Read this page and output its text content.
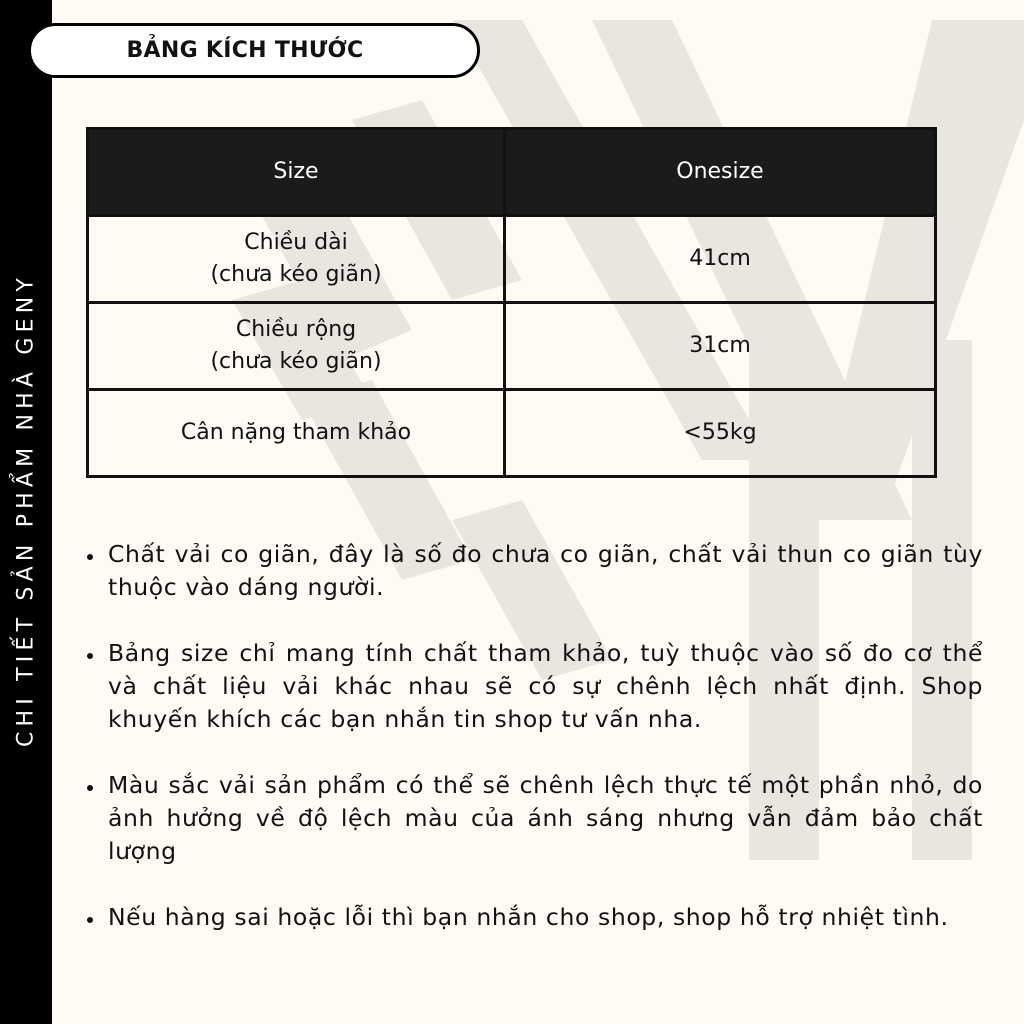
CHI TIẾT SẢN PHẨM NHÀ GENY
BẢNG KÍCH THƯỚC
Size	Onesize

Chiều dài
(chưa kéo giãn)	41cm

Chiều rộng
(chưa kéo giãn)	31cm

Cân nặng tham khảo	<55kg
Chất vải co giãn, đây là số đo chưa co giãn, chất vải thun co giãn tùy thuộc vào dáng người.
Bảng size chỉ mang tính chất tham khảo, tuỳ thuộc vào số đo cơ thể và chất liệu vải khác nhau sẽ có sự chênh lệch nhất định. Shop khuyến khích các bạn nhắn tin shop tư vấn nha.
Màu sắc vải sản phẩm có thể sẽ chênh lệch thực tế một phần nhỏ, do ảnh hưởng về độ lệch màu của ánh sáng nhưng vẫn đảm bảo chất lượng
Nếu hàng sai hoặc lỗi thì bạn nhắn cho shop, shop hỗ trợ nhiệt tình.
